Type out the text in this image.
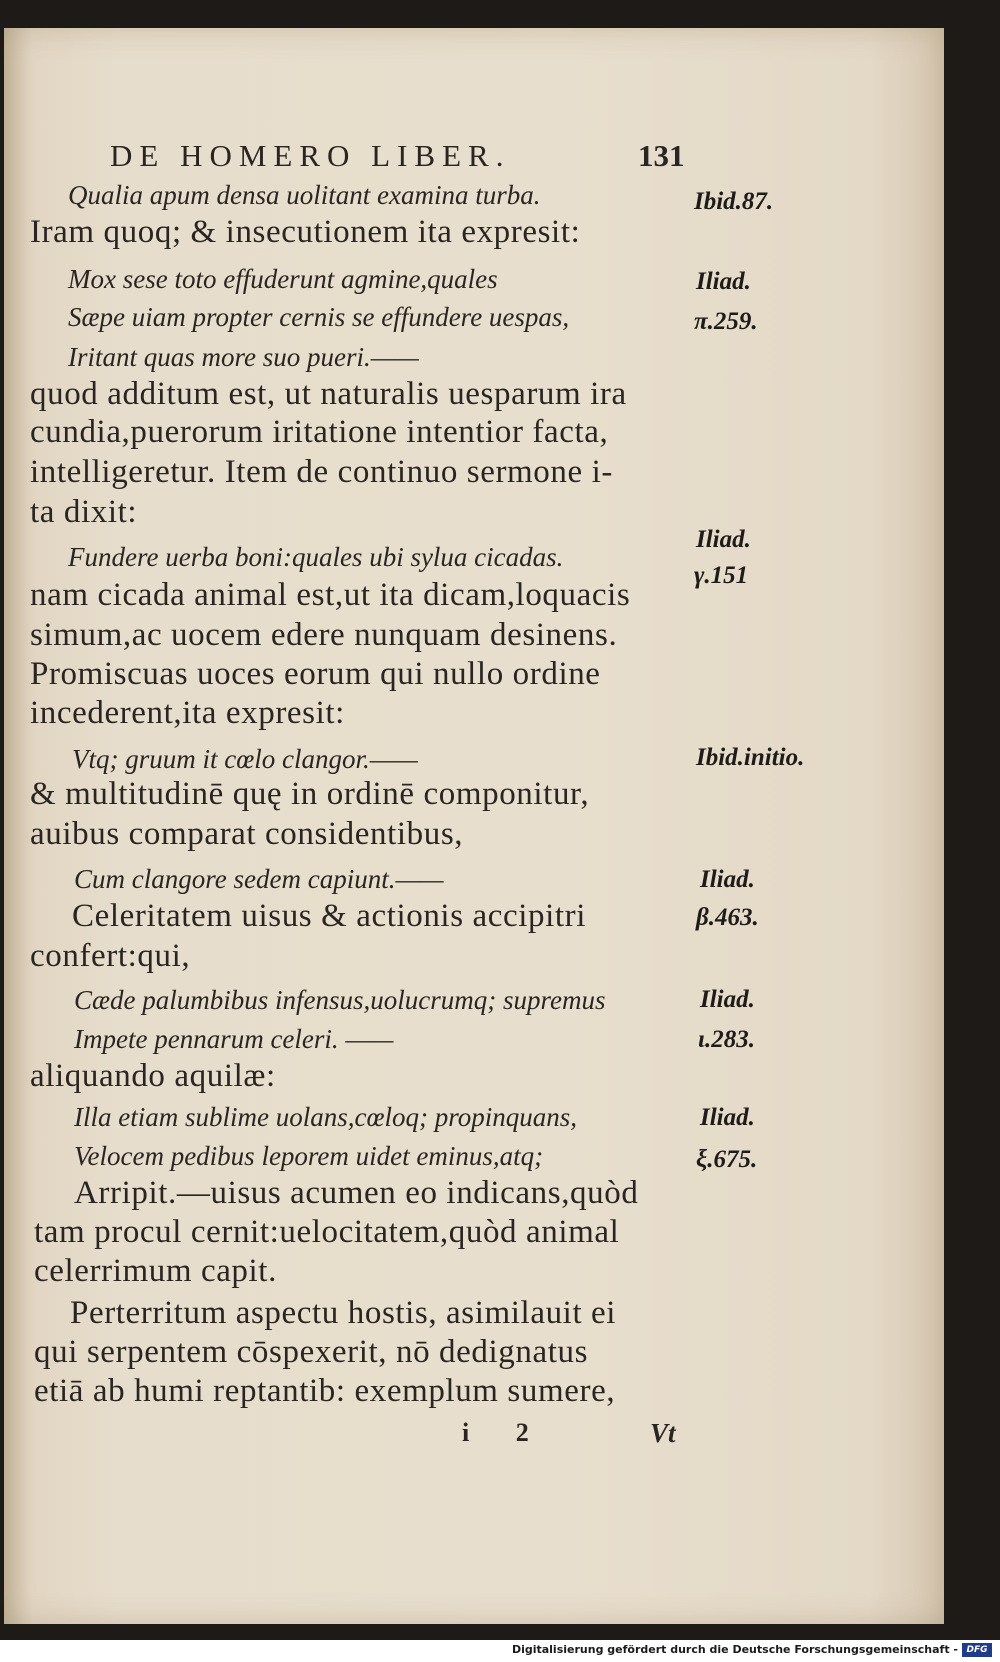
DE HOMERO LIBER.	131
Qualia apum densa uolitant examina turba.
Iram quoq; & insecutionem ita expresit:
Mox sese toto effuderunt agmine,quales
Sæpe uiam propter cernis se effundere uespas,
Iritant quas more suo pueri.——
quod additum est, ut naturalis uesparum ira
cundia,puerorum iritatione intentior facta,
intelligeretur. Item de continuo sermone i-
ta dixit:
Fundere uerba boni:quales ubi sylua cicadas.
nam cicada animal est,ut ita dicam,loquacis
simum,ac uocem edere nunquam desinens.
Promiscuas uoces eorum qui nullo ordine
incederent,ita expresit:
Vtq; gruum it cœlo clangor.——
& multitudinē quę in ordinē componitur,
auibus comparat considentibus,
Cum clangore sedem capiunt.——
Celeritatem uisus & actionis accipitri
confert:qui,
Cæde palumbibus infensus,uolucrumq; supremus
Impete pennarum celeri. ——
aliquando aquilæ:
Illa etiam sublime uolans,cœloq; propinquans,
Velocem pedibus leporem uidet eminus,atq;
Arripit.—uisus acumen eo indicans,quòd
tam procul cernit:uelocitatem,quòd animal
celerrimum capit.
Perterritum aspectu hostis, asimilauit ei
qui serpentem cōspexerit, nō dedignatus
etiā ab humi reptantib: exemplum sumere,
Ibid.87.
Iliad.
π.259.
Iliad.
γ.151
Ibid.initio.
Iliad.
β.463.
Iliad.
ι.283.
Iliad.
ξ.675.
i 2	Vt
Digitalisierung gefördert durch die Deutsche Forschungsgemeinschaft - DFG
